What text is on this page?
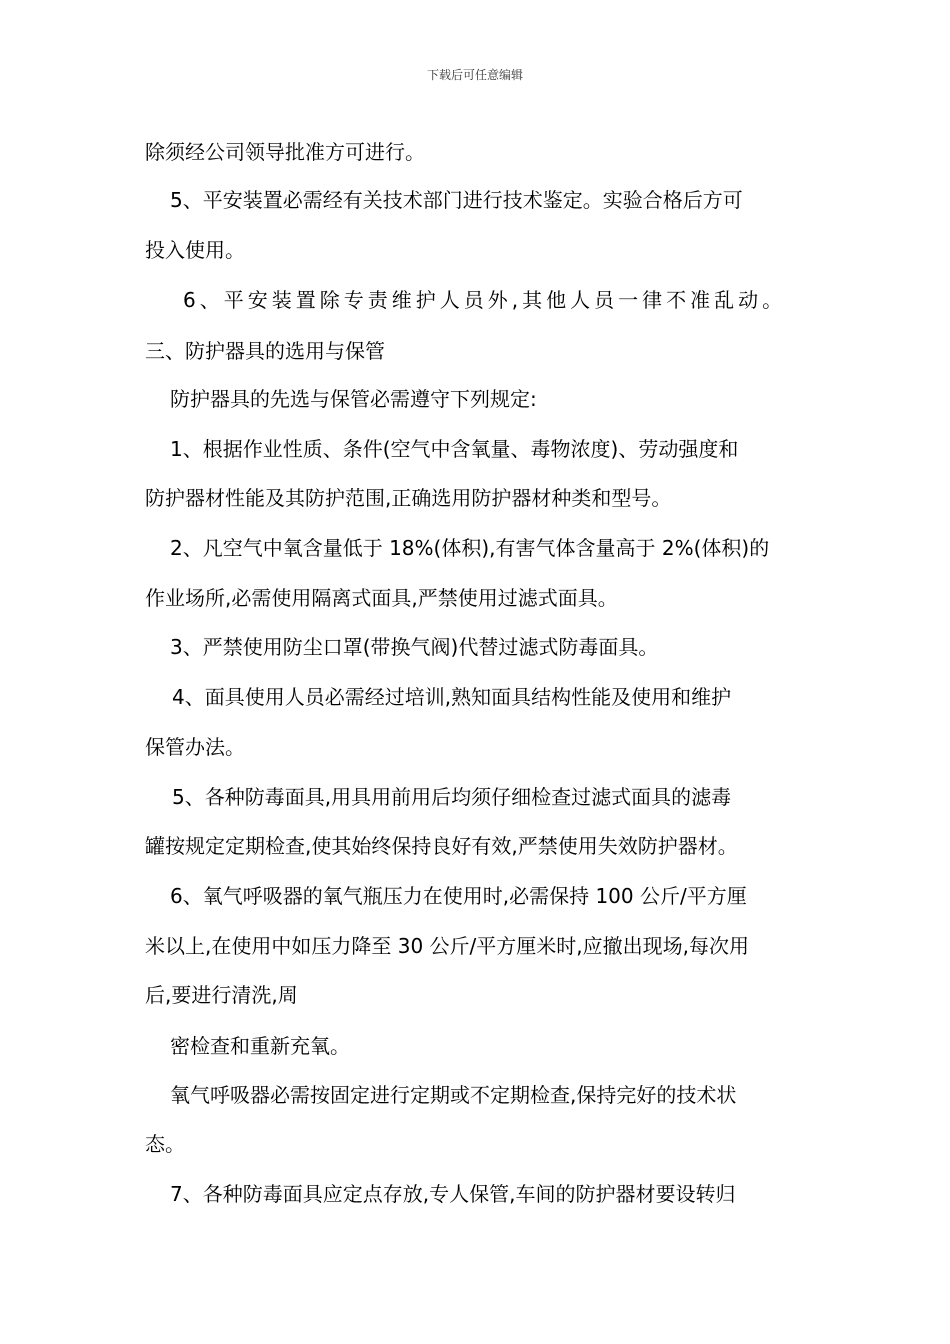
下载后可任意编辑
除须经公司领导批准方可进行。
5、平安装置必需经有关技术部门进行技术鉴定。实验合格后方可
投入使用。
6、平安装置除专责维护人员外,其他人员一律不准乱动。
三、防护器具的选用与保管
防护器具的先选与保管必需遵守下列规定:
1、根据作业性质、条件(空气中含氧量、毒物浓度)、劳动强度和
防护器材性能及其防护范围,正确选用防护器材种类和型号。
2、凡空气中氧含量低于 18%(体积),有害气体含量高于 2%(体积)的
作业场所,必需使用隔离式面具,严禁使用过滤式面具。
3、严禁使用防尘口罩(带换气阀)代替过滤式防毒面具。
4、面具使用人员必需经过培训,熟知面具结构性能及使用和维护
保管办法。
5、各种防毒面具,用具用前用后均须仔细检查过滤式面具的滤毒
罐按规定定期检查,使其始终保持良好有效,严禁使用失效防护器材。
6、氧气呼吸器的氧气瓶压力在使用时,必需保持 100 公斤/平方厘
米以上,在使用中如压力降至 30 公斤/平方厘米时,应撤出现场,每次用
后,要进行清洗,周
密检查和重新充氧。
氧气呼吸器必需按固定进行定期或不定期检查,保持完好的技术状
态。
7、各种防毒面具应定点存放,专人保管,车间的防护器材要设转归
